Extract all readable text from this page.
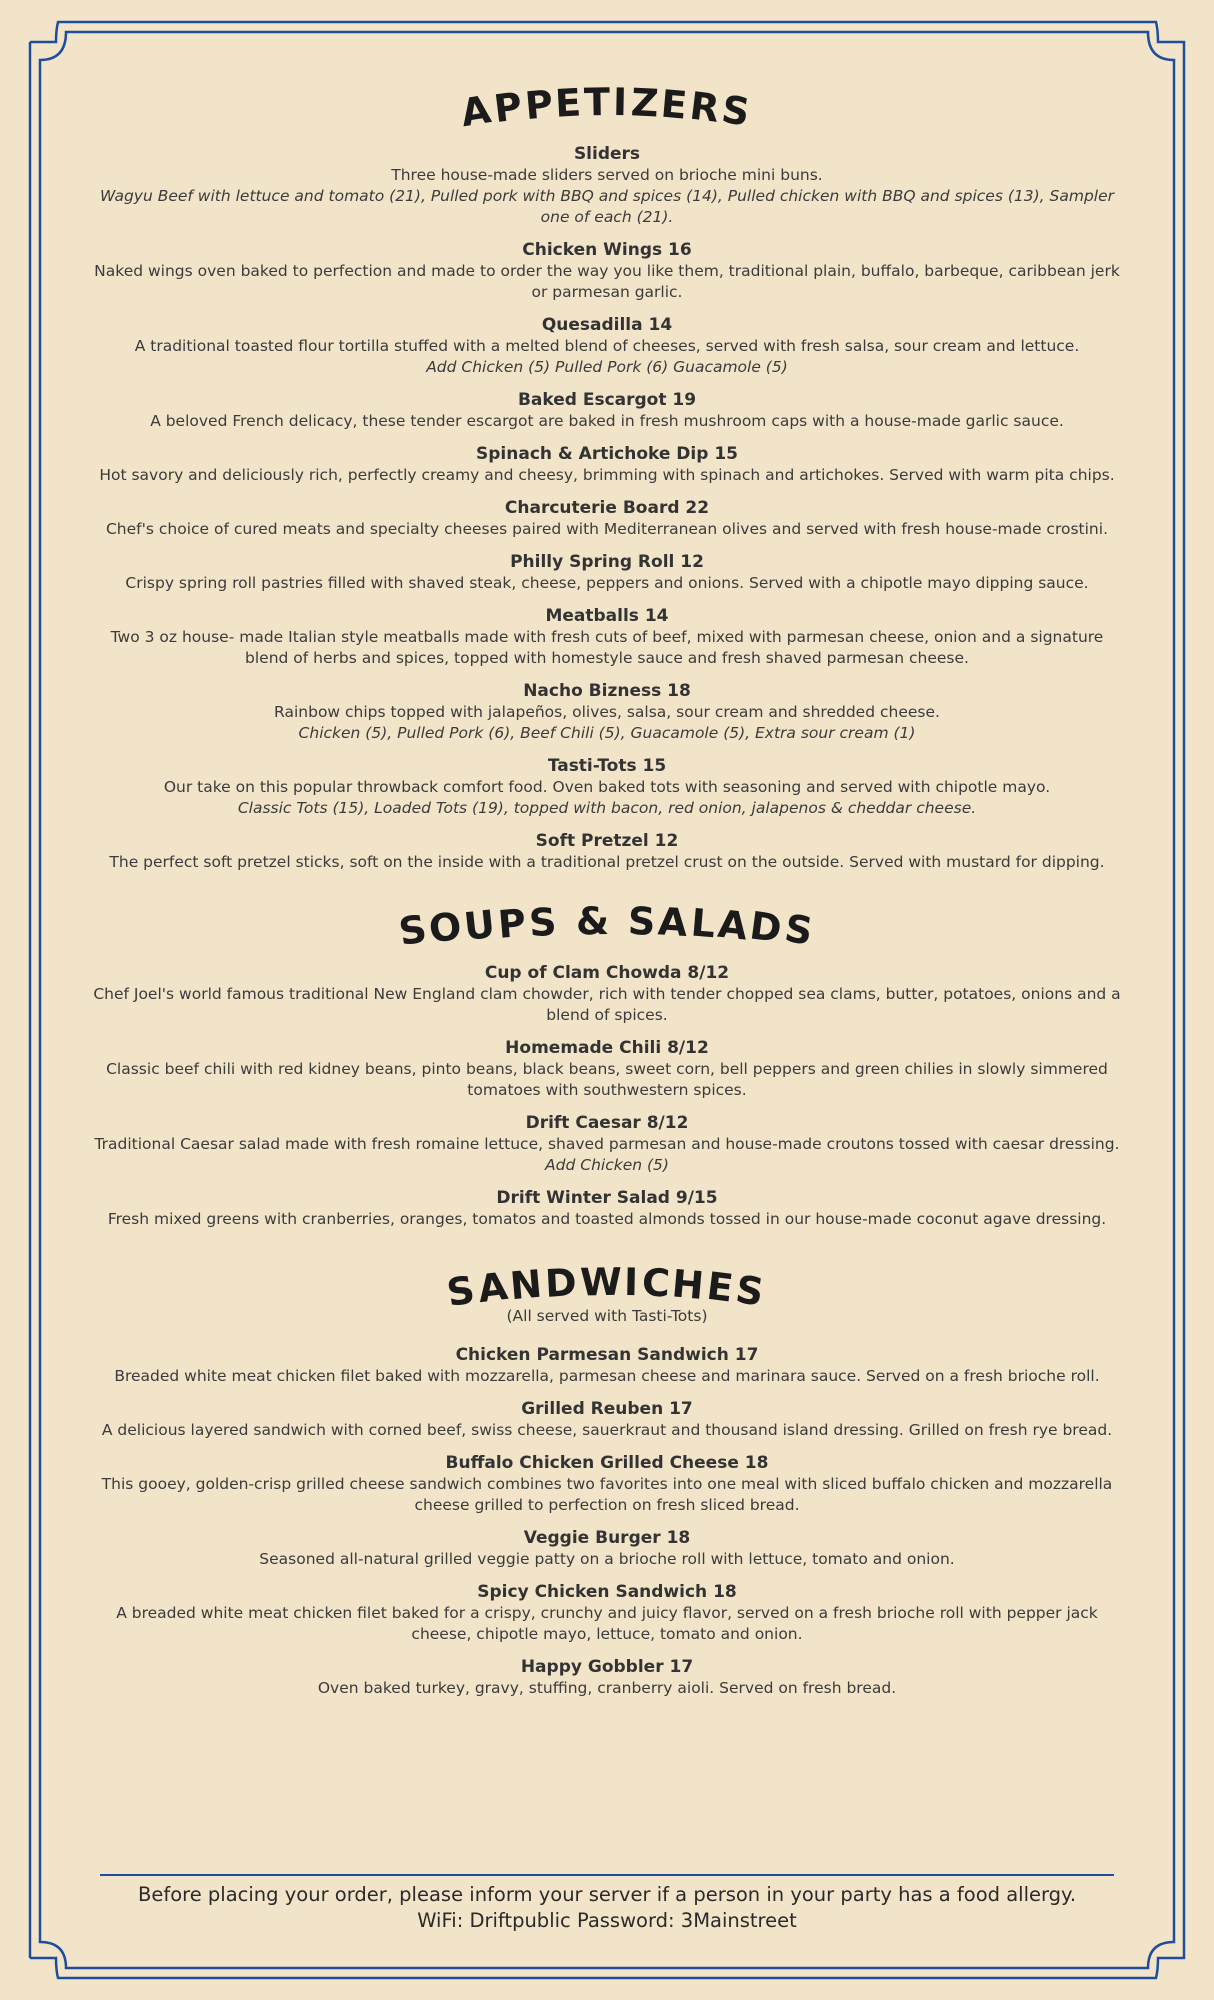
APPETIZERS
Sliders
Three house-made sliders served on brioche mini buns.
Wagyu Beef with lettuce and tomato (21), Pulled pork with BBQ and spices (14), Pulled chicken with BBQ and spices (13), Sampler one of each (21).
Chicken Wings 16
Naked wings oven baked to perfection and made to order the way you like them, traditional plain, buffalo, barbeque, caribbean jerk or parmesan garlic.
Quesadilla 14
A traditional toasted flour tortilla stuffed with a melted blend of cheeses, served with fresh salsa, sour cream and lettuce.
Add Chicken (5) Pulled Pork (6) Guacamole (5)
Baked Escargot 19
A beloved French delicacy, these tender escargot are baked in fresh mushroom caps with a house-made garlic sauce.
Spinach & Artichoke Dip 15
Hot savory and deliciously rich, perfectly creamy and cheesy, brimming with spinach and artichokes. Served with warm pita chips.
Charcuterie Board 22
Chef's choice of cured meats and specialty cheeses paired with Mediterranean olives and served with fresh house-made crostini.
Philly Spring Roll 12
Crispy spring roll pastries filled with shaved steak, cheese, peppers and onions. Served with a chipotle mayo dipping sauce.
Meatballs 14
Two 3 oz house- made Italian style meatballs made with fresh cuts of beef, mixed with parmesan cheese, onion and a signature blend of herbs and spices, topped with homestyle sauce and fresh shaved parmesan cheese.
Nacho Bizness 18
Rainbow chips topped with jalapeños, olives, salsa, sour cream and shredded cheese.
Chicken (5), Pulled Pork (6), Beef Chili (5), Guacamole (5), Extra sour cream (1)
Tasti-Tots 15
Our take on this popular throwback comfort food. Oven baked tots with seasoning and served with chipotle mayo.
Classic Tots (15), Loaded Tots (19), topped with bacon, red onion, jalapenos & cheddar cheese.
Soft Pretzel 12
The perfect soft pretzel sticks, soft on the inside with a traditional pretzel crust on the outside. Served with mustard for dipping.
SOUPS & SALADS
Cup of Clam Chowda 8/12
Chef Joel's world famous traditional New England clam chowder, rich with tender chopped sea clams, butter, potatoes, onions and a blend of spices.
Homemade Chili 8/12
Classic beef chili with red kidney beans, pinto beans, black beans, sweet corn, bell peppers and green chilies in slowly simmered tomatoes with southwestern spices.
Drift Caesar 8/12
Traditional Caesar salad made with fresh romaine lettuce, shaved parmesan and house-made croutons tossed with caesar dressing.
Add Chicken (5)
Drift Winter Salad 9/15
Fresh mixed greens with cranberries, oranges, tomatos and toasted almonds tossed in our house-made coconut agave dressing.
SANDWICHES
(All served with Tasti-Tots)
Chicken Parmesan Sandwich 17
Breaded white meat chicken filet baked with mozzarella, parmesan cheese and marinara sauce. Served on a fresh brioche roll.
Grilled Reuben 17
A delicious layered sandwich with corned beef, swiss cheese, sauerkraut and thousand island dressing. Grilled on fresh rye bread.
Buffalo Chicken Grilled Cheese 18
This gooey, golden-crisp grilled cheese sandwich combines two favorites into one meal with sliced buffalo chicken and mozzarella cheese grilled to perfection on fresh sliced bread.
Veggie Burger 18
Seasoned all-natural grilled veggie patty on a brioche roll with lettuce, tomato and onion.
Spicy Chicken Sandwich 18
A breaded white meat chicken filet baked for a crispy, crunchy and juicy flavor, served on a fresh brioche roll with pepper jack cheese, chipotle mayo, lettuce, tomato and onion.
Happy Gobbler 17
Oven baked turkey, gravy, stuffing, cranberry aioli. Served on fresh bread.
Before placing your order, please inform your server if a person in your party has a food allergy.
WiFi: Driftpublic Password: 3Mainstreet
